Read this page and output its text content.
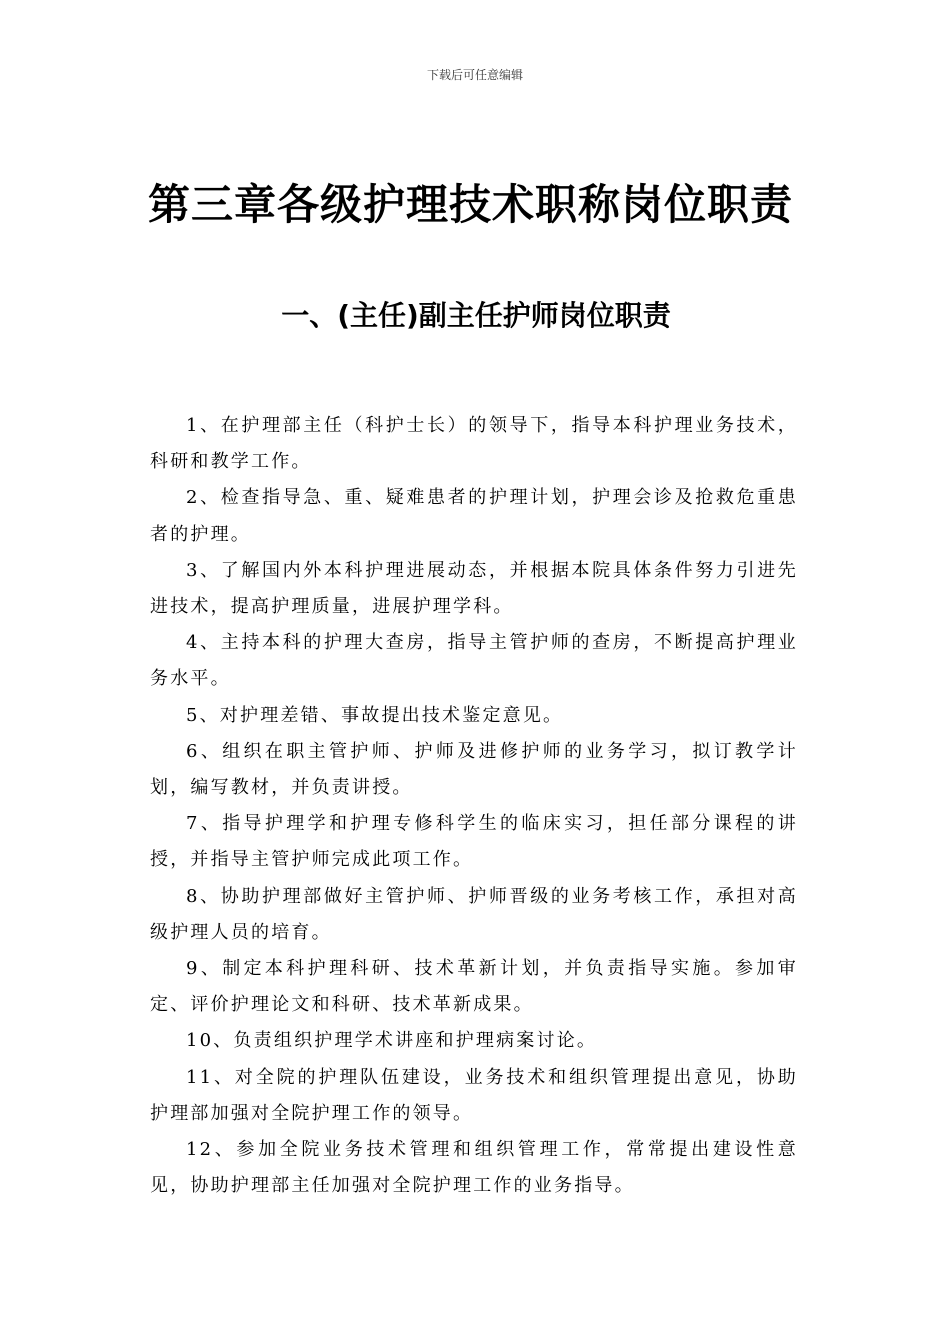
下载后可任意编辑
第三章各级护理技术职称岗位职责
一、(主任)副主任护师岗位职责

1、在护理部主任（科护士长）的领导下，指导本科护理业务技术，科研和教学工作。

2、检查指导急、重、疑难患者的护理计划，护理会诊及抢救危重患者的护理。

3、了解国内外本科护理进展动态，并根据本院具体条件努力引进先进技术，提高护理质量，进展护理学科。

4、主持本科的护理大查房，指导主管护师的查房，不断提高护理业务水平。

5、对护理差错、事故提出技术鉴定意见。

6、组织在职主管护师、护师及进修护师的业务学习，拟订教学计划，编写教材，并负责讲授。

7、指导护理学和护理专修科学生的临床实习，担任部分课程的讲授，并指导主管护师完成此项工作。

8、协助护理部做好主管护师、护师晋级的业务考核工作，承担对高级护理人员的培育。

9、制定本科护理科研、技术革新计划，并负责指导实施。参加审定、评价护理论文和科研、技术革新成果。

10、负责组织护理学术讲座和护理病案讨论。

11、对全院的护理队伍建设，业务技术和组织管理提出意见，协助护理部加强对全院护理工作的领导。

12、参加全院业务技术管理和组织管理工作，常常提出建设性意见，协助护理部主任加强对全院护理工作的业务指导。
